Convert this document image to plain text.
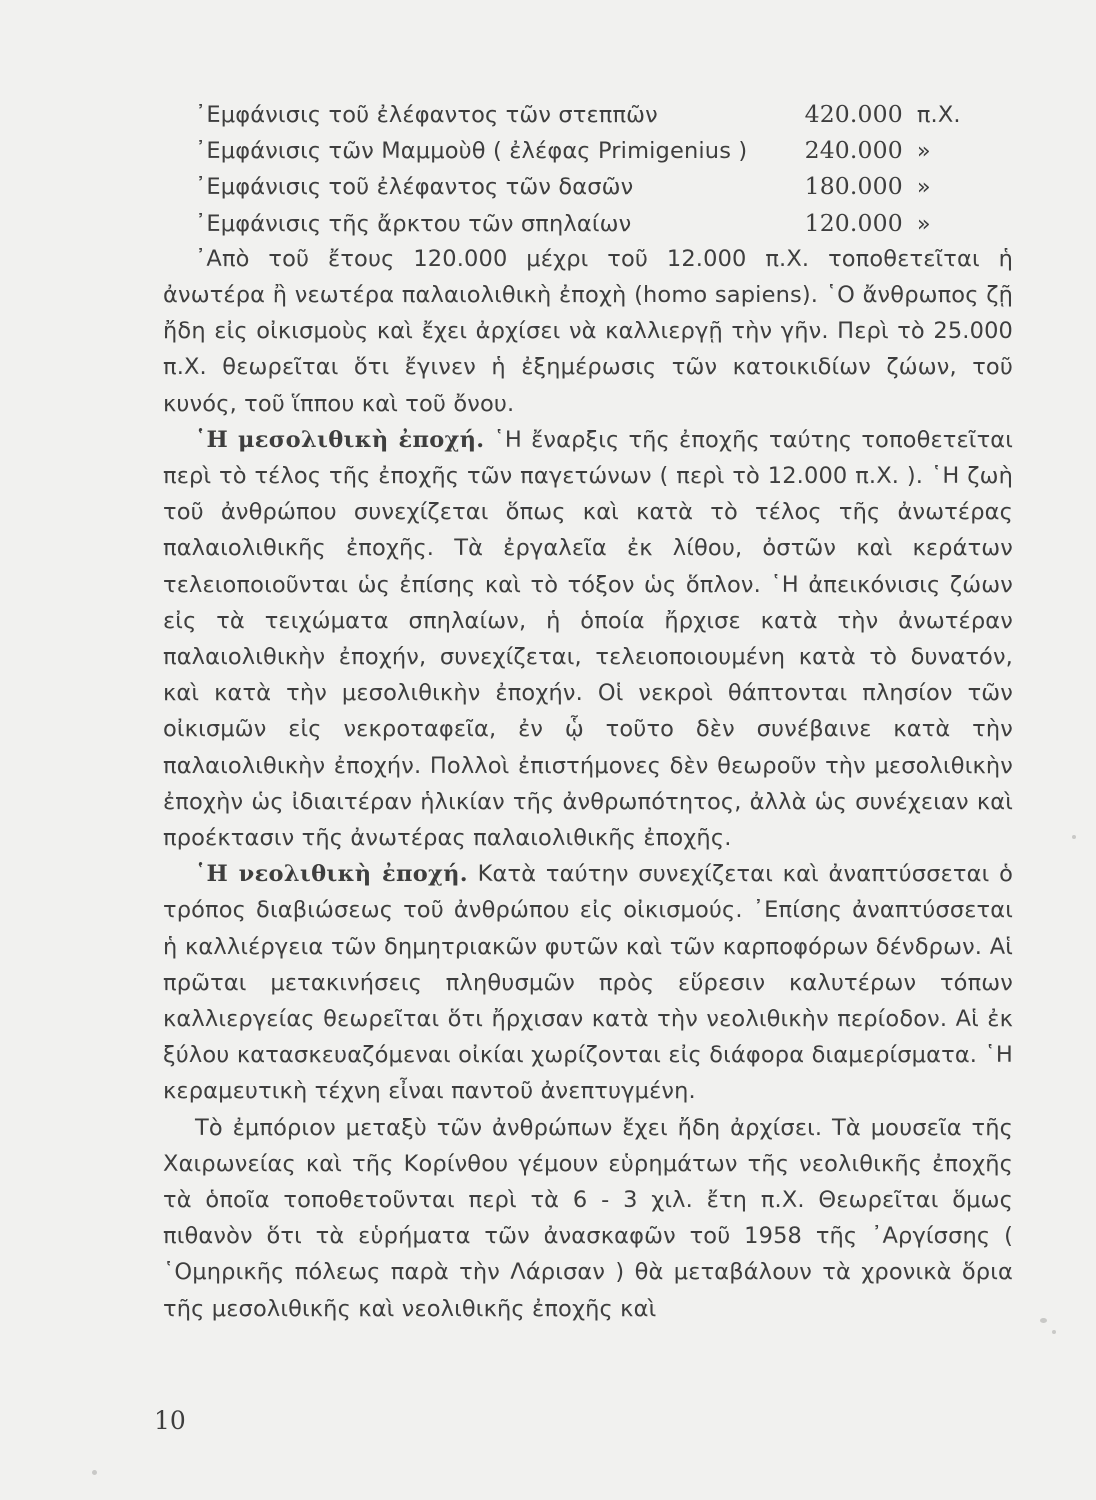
᾿Εμφάνισις τοῦ ἐλέφαντος τῶν στεππῶν	420.000 π.Χ.
᾿Εμφάνισις τῶν Μαμμοὺθ ( ἐλέφας Primigenius )	240.000 »
᾿Εμφάνισις τοῦ ἐλέφαντος τῶν δασῶν	180.000 »
᾿Εμφάνισις τῆς ἄρκτου τῶν σπηλαίων	120.000 »

᾿Απὸ τοῦ ἔτους 120.000 μέχρι τοῦ 12.000 π.Χ. τοποθετεῖται ἡ ἀνωτέρα ἢ νεωτέρα παλαιολιθικὴ ἐποχὴ (homo sapiens). ῾Ο ἄνθρωπος ζῇ ἤδη εἰς οἰκισμοὺς καὶ ἔχει ἀρχίσει νὰ καλλιεργῇ τὴν γῆν. Περὶ τὸ 25.000 π.Χ. θεωρεῖται ὅτι ἔγινεν ἡ ἐξημέρωσις τῶν κατοικιδίων ζώων, τοῦ κυνός, τοῦ ἵππου καὶ τοῦ ὄνου.

῾Η μεσολιθικὴ ἐποχή. ῾Η ἔναρξις τῆς ἐποχῆς ταύτης τοποθετεῖται περὶ τὸ τέλος τῆς ἐποχῆς τῶν παγετώνων ( περὶ τὸ 12.000 π.Χ. ). ῾Η ζωὴ τοῦ ἀνθρώπου συνεχίζεται ὅπως καὶ κατὰ τὸ τέλος τῆς ἀνωτέρας παλαιολιθικῆς ἐποχῆς. Τὰ ἐργαλεῖα ἐκ λίθου, ὀστῶν καὶ κεράτων τελειοποιοῦνται ὡς ἐπίσης καὶ τὸ τόξον ὡς ὅπλον. ῾Η ἀπεικόνισις ζώων εἰς τὰ τειχώματα σπηλαίων, ἡ ὁποία ἤρχισε κατὰ τὴν ἀνωτέραν παλαιολιθικὴν ἐποχήν, συνεχίζεται, τελειοποιουμένη κατὰ τὸ δυνατόν, καὶ κατὰ τὴν μεσολιθικὴν ἐποχήν. Οἱ νεκροὶ θάπτονται πλησίον τῶν οἰκισμῶν εἰς νεκροταφεῖα, ἐν ᾧ τοῦτο δὲν συνέβαινε κατὰ τὴν παλαιολιθικὴν ἐποχήν. Πολλοὶ ἐπιστήμονες δὲν θεωροῦν τὴν μεσολιθικὴν ἐποχὴν ὡς ἰδιαιτέραν ἡλικίαν τῆς ἀνθρωπότητος, ἀλλὰ ὡς συνέχειαν καὶ προέκτασιν τῆς ἀνωτέρας παλαιολιθικῆς ἐποχῆς.

῾Η νεολιθικὴ ἐποχή. Κατὰ ταύτην συνεχίζεται καὶ ἀναπτύσσεται ὁ τρόπος διαβιώσεως τοῦ ἀνθρώπου εἰς οἰκισμούς. ᾿Επίσης ἀναπτύσσεται ἡ καλλιέργεια τῶν δημητριακῶν φυτῶν καὶ τῶν καρποφόρων δένδρων. Αἱ πρῶται μετακινήσεις πληθυσμῶν πρὸς εὕρεσιν καλυτέρων τόπων καλλιεργείας θεωρεῖται ὅτι ἤρχισαν κατὰ τὴν νεολιθικὴν περίοδον. Αἱ ἐκ ξύλου κατασκευαζόμεναι οἰκίαι χωρίζονται εἰς διάφορα διαμερίσματα. ῾Η κεραμευτικὴ τέχνη εἶναι παντοῦ ἀνεπτυγμένη.

Τὸ ἐμπόριον μεταξὺ τῶν ἀνθρώπων ἔχει ἤδη ἀρχίσει. Τὰ μουσεῖα τῆς Χαιρωνείας καὶ τῆς Κορίνθου γέμουν εὑρημάτων τῆς νεολιθικῆς ἐποχῆς τὰ ὁποῖα τοποθετοῦνται περὶ τὰ 6 - 3 χιλ. ἔτη π.Χ. Θεωρεῖται ὅμως πιθανὸν ὅτι τὰ εὑρήματα τῶν ἀνασκαφῶν τοῦ 1958 τῆς ᾿Αργίσσης ( ῾Ομηρικῆς πόλεως παρὰ τὴν Λάρισαν ) θὰ μεταβάλουν τὰ χρονικὰ ὅρια τῆς μεσολιθικῆς καὶ νεολιθικῆς ἐποχῆς καὶ

10
